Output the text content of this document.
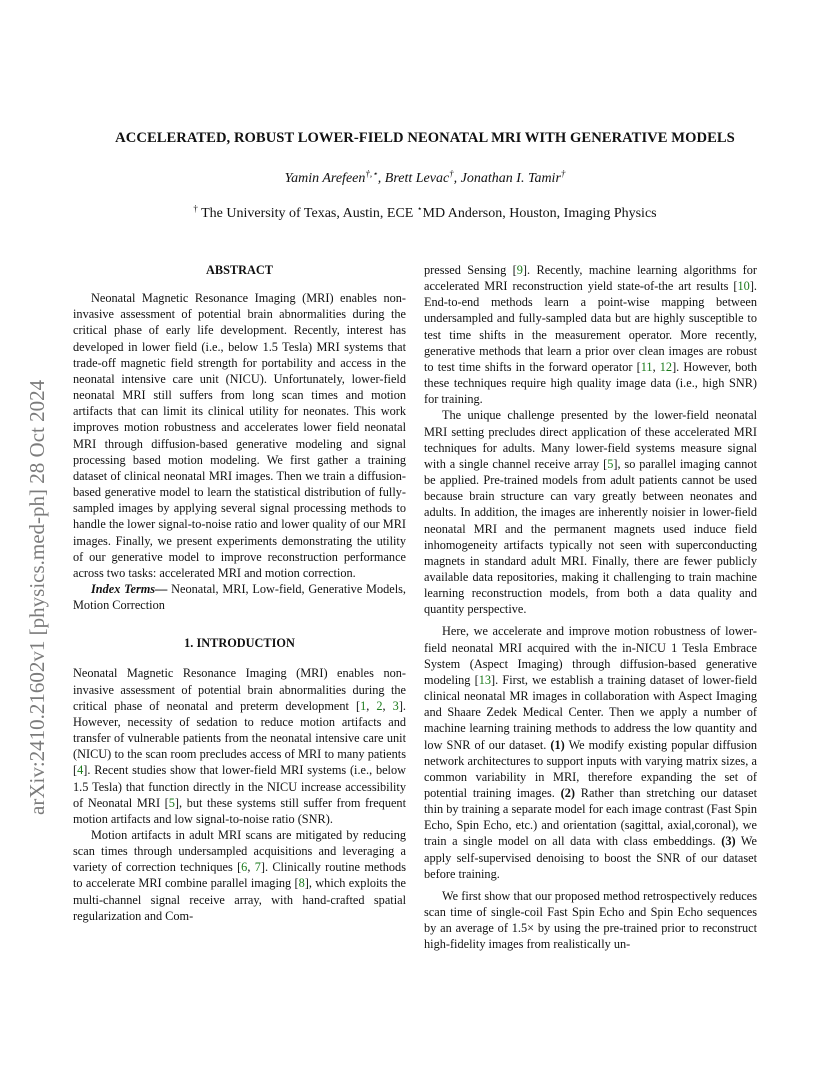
arXiv:2410.21602v1 [physics.med-ph] 28 Oct 2024
ACCELERATED, ROBUST LOWER-FIELD NEONATAL MRI WITH GENERATIVE MODELS
Yamin Arefeen†,⋆, Brett Levac†, Jonathan I. Tamir†
† The University of Texas, Austin, ECE ⋆MD Anderson, Houston, Imaging Physics
ABSTRACT

Neonatal Magnetic Resonance Imaging (MRI) enables non-invasive assessment of potential brain abnormalities during the critical phase of early life development. Recently, interest has developed in lower field (i.e., below 1.5 Tesla) MRI systems that trade-off magnetic field strength for portability and access in the neonatal intensive care unit (NICU). Unfortunately, lower-field neonatal MRI still suffers from long scan times and motion artifacts that can limit its clinical utility for neonates. This work improves motion robustness and accelerates lower field neonatal MRI through diffusion-based generative modeling and signal processing based motion modeling. We first gather a training dataset of clinical neonatal MRI images. Then we train a diffusion-based generative model to learn the statistical distribution of fully-sampled images by applying several signal processing methods to handle the lower signal-to-noise ratio and lower quality of our MRI images. Finally, we present experiments demonstrating the utility of our generative model to improve reconstruction performance across two tasks: accelerated MRI and motion correction.

Index Terms— Neonatal, MRI, Low-field, Generative Models, Motion Correction

1. INTRODUCTION

Neonatal Magnetic Resonance Imaging (MRI) enables non-invasive assessment of potential brain abnormalities during the critical phase of neonatal and preterm development [1, 2, 3]. However, necessity of sedation to reduce motion artifacts and transfer of vulnerable patients from the neonatal intensive care unit (NICU) to the scan room precludes access of MRI to many patients [4]. Recent studies show that lower-field MRI systems (i.e., below 1.5 Tesla) that function directly in the NICU increase accessibility of Neonatal MRI [5], but these systems still suffer from frequent motion artifacts and low signal-to-noise ratio (SNR).

Motion artifacts in adult MRI scans are mitigated by reducing scan times through undersampled acquisitions and leveraging a variety of correction techniques [6, 7]. Clinically routine methods to accelerate MRI combine parallel imaging [8], which exploits the multi-channel signal receive array, with hand-crafted spatial regularization and Com-

pressed Sensing [9]. Recently, machine learning algorithms for accelerated MRI reconstruction yield state-of-the art results [10]. End-to-end methods learn a point-wise mapping between undersampled and fully-sampled data but are highly susceptible to test time shifts in the measurement operator. More recently, generative methods that learn a prior over clean images are robust to test time shifts in the forward operator [11, 12]. However, both these techniques require high quality image data (i.e., high SNR) for training.

The unique challenge presented by the lower-field neonatal MRI setting precludes direct application of these accelerated MRI techniques for adults. Many lower-field systems measure signal with a single channel receive array [5], so parallel imaging cannot be applied. Pre-trained models from adult patients cannot be used because brain structure can vary greatly between neonates and adults. In addition, the images are inherently noisier in lower-field neonatal MRI and the permanent magnets used induce field inhomogeneity artifacts typically not seen with superconducting magnets in standard adult MRI. Finally, there are fewer publicly available data repositories, making it challenging to train machine learning reconstruction models, from both a data quality and quantity perspective.

Here, we accelerate and improve motion robustness of lower-field neonatal MRI acquired with the in-NICU 1 Tesla Embrace System (Aspect Imaging) through diffusion-based generative modeling [13]. First, we establish a training dataset of lower-field clinical neonatal MR images in collaboration with Aspect Imaging and Shaare Zedek Medical Center. Then we apply a number of machine learning training methods to address the low quantity and low SNR of our dataset. (1) We modify existing popular diffusion network architectures to support inputs with varying matrix sizes, a common variability in MRI, therefore expanding the set of potential training images. (2) Rather than stretching our dataset thin by training a separate model for each image contrast (Fast Spin Echo, Spin Echo, etc.) and orientation (sagittal, axial,coronal), we train a single model on all data with class embeddings. (3) We apply self-supervised denoising to boost the SNR of our dataset before training.

We first show that our proposed method retrospectively reduces scan time of single-coil Fast Spin Echo and Spin Echo sequences by an average of 1.5× by using the pre-trained prior to reconstruct high-fidelity images from realistically un-
